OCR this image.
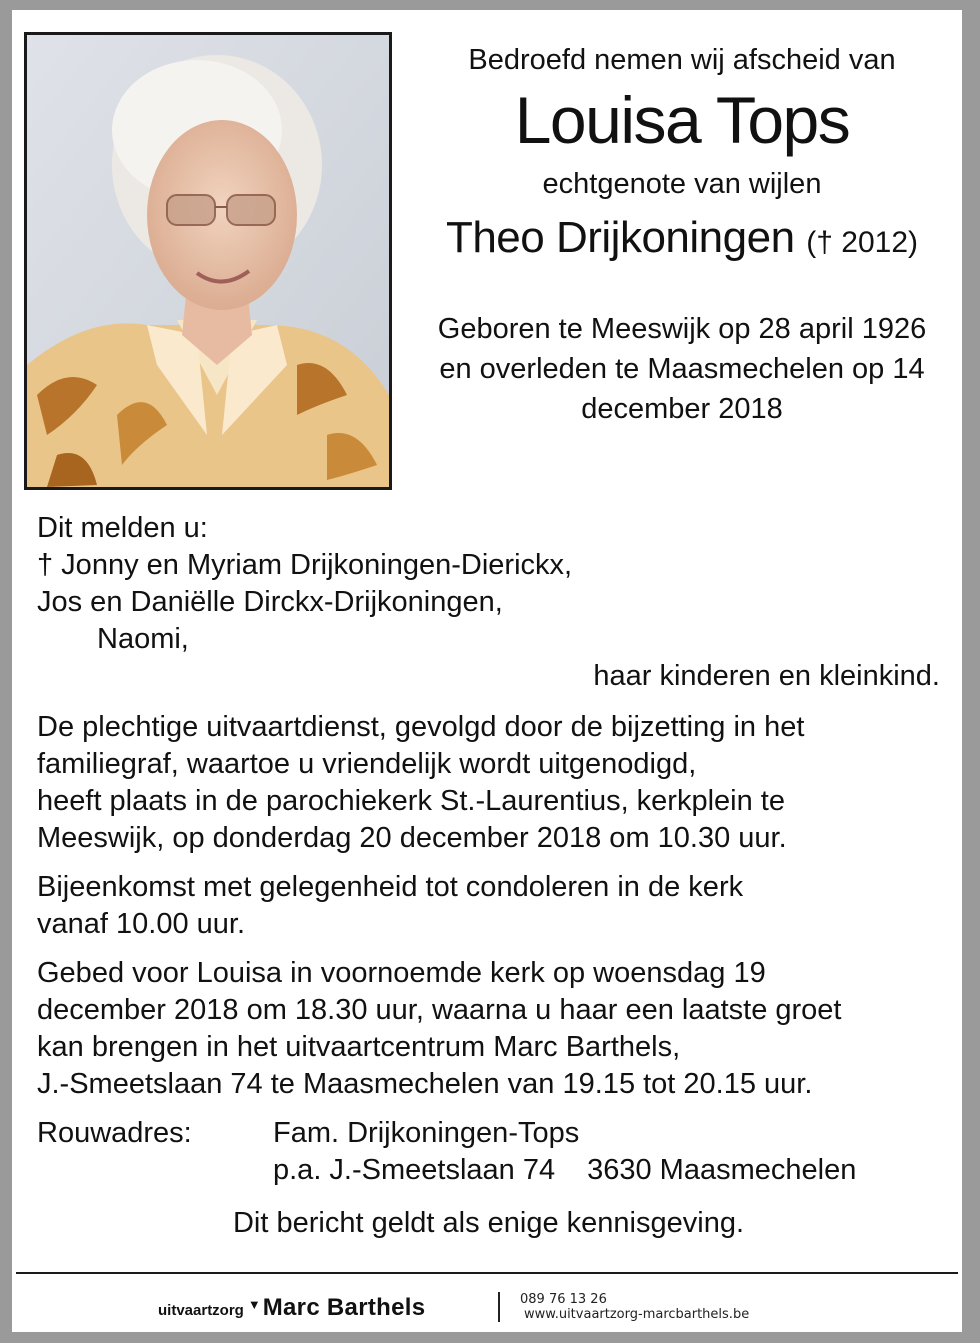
Bedroefd nemen wij afscheid van
Louisa Tops
echtgenote van wijlen
Theo Drijkoningen († 2012)

Geboren te Meeswijk op 28 april 1926

en overleden te Maasmechelen op 14

december 2018

Dit melden u:

† Jonny en Myriam Drijkoningen-Dierickx,

Jos en Daniëlle Dirckx-Drijkoningen,

Naomi,

haar kinderen en kleinkind.

De plechtige uitvaartdienst, gevolgd door de bijzetting in het

familiegraf, waartoe u vriendelijk wordt uitgenodigd,

heeft plaats in de parochiekerk St.-Laurentius, kerkplein te

Meeswijk, op donderdag 20 december 2018 om 10.30 uur.

Bijeenkomst met gelegenheid tot condoleren in de kerk

vanaf 10.00 uur.

Gebed voor Louisa in voornoemde kerk op woensdag 19

december 2018 om 18.30 uur, waarna u haar een laatste groet

kan brengen in het uitvaartcentrum Marc Barthels,

J.-Smeetslaan 74 te Maasmechelen van 19.15 tot 20.15 uur.

Rouwadres:	Fam. Drijkoningen-Tops
p.a. J.-Smeetslaan 74 3630 Maasmechelen

Dit bericht geldt als enige kennisgeving.

uitvaartzorg ▼Marc Barthels	089 76 13 26
www.uitvaartzorg-marcbarthels.be
